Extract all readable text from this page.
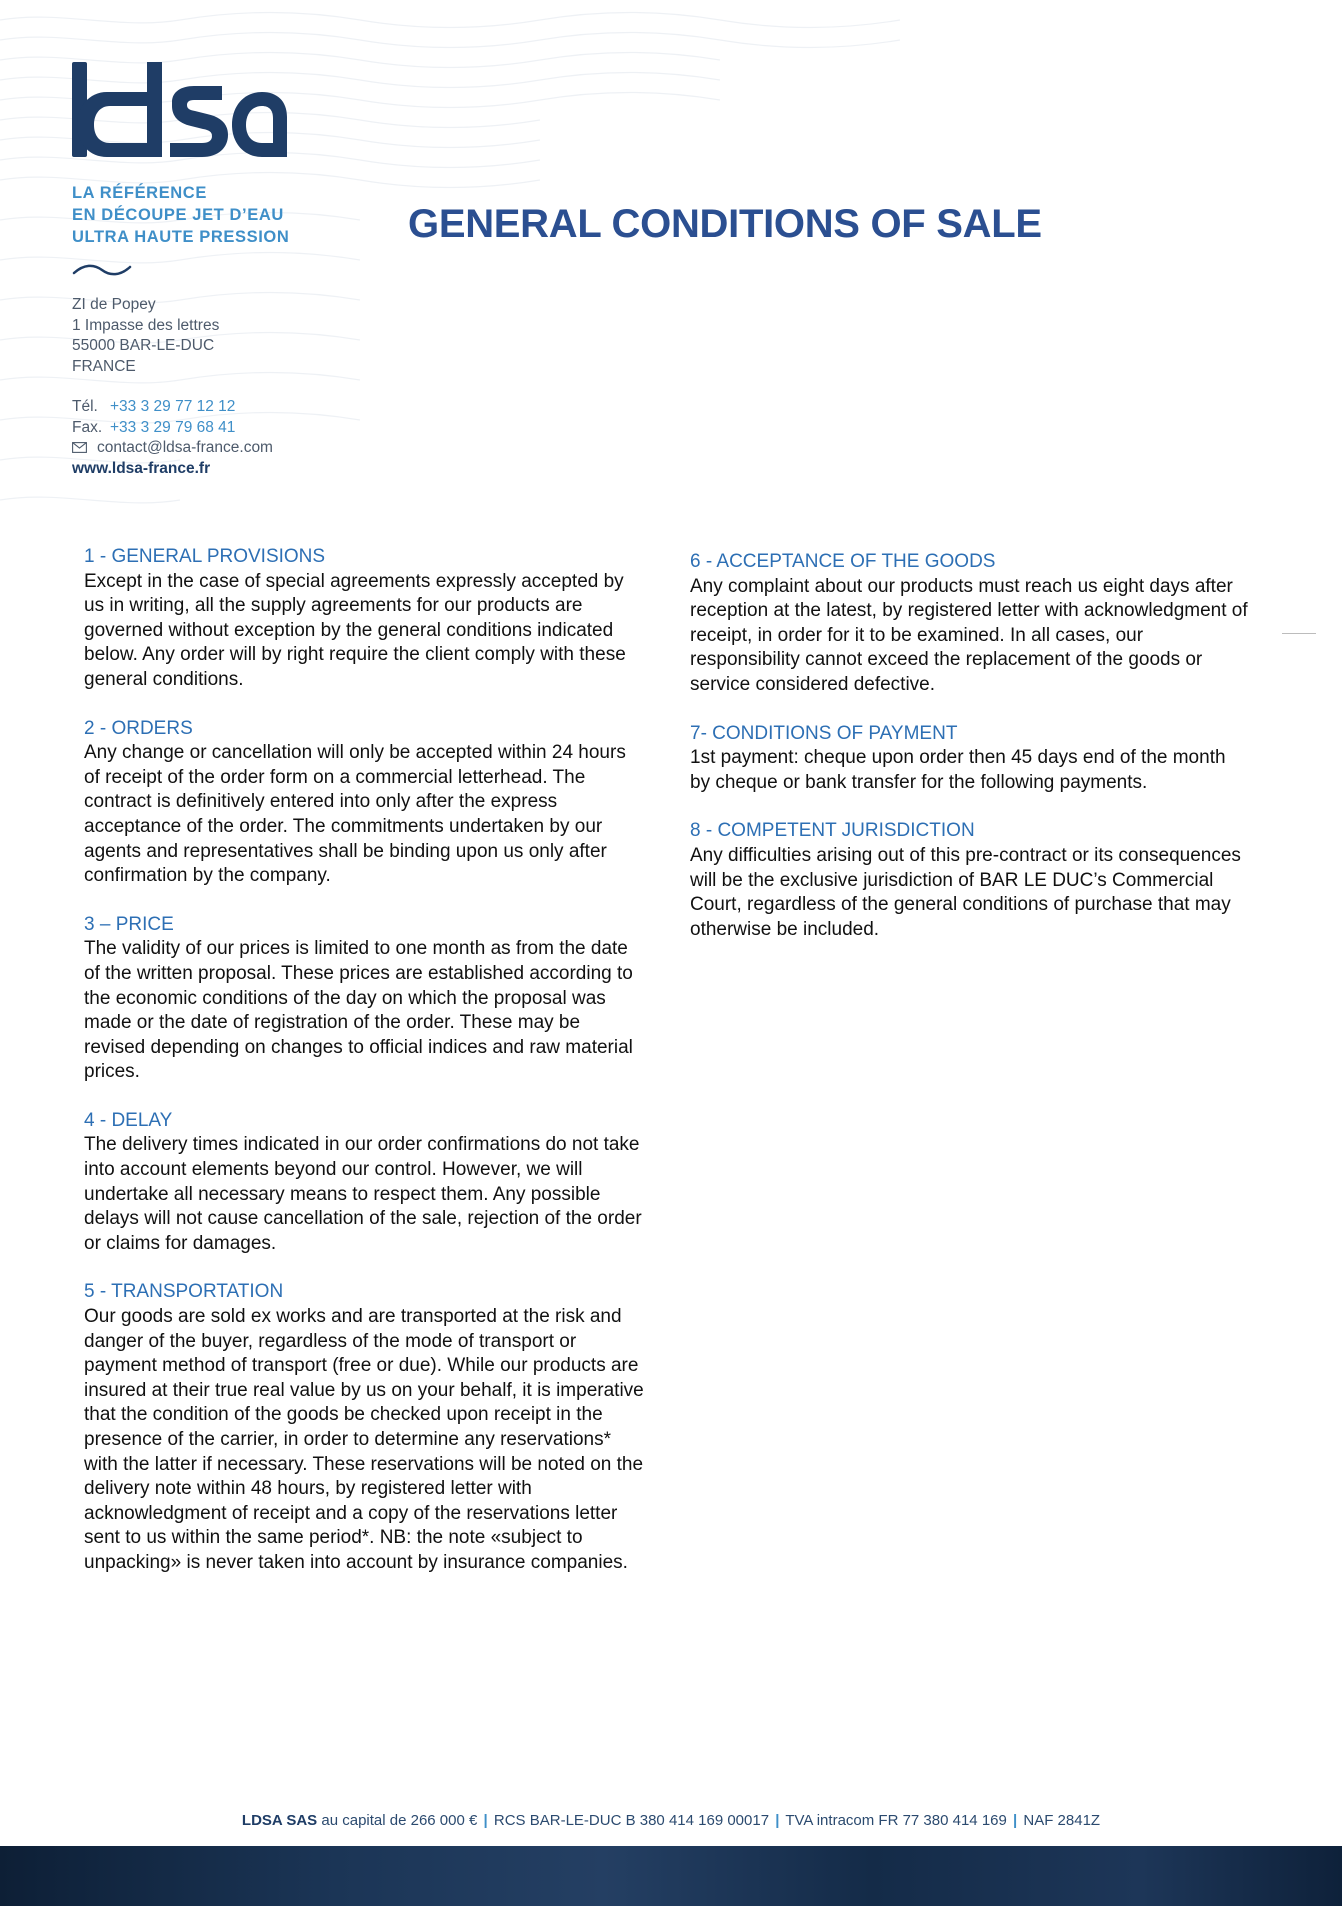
LA RÉFÉRENCE
EN DÉCOUPE JET D’EAU
ULTRA HAUTE PRESSION

ZI de Popey
1 Impasse des lettres
55000 BAR-LE-DUC
FRANCE
Tél. +33 3 29 77 12 12
Fax. +33 3 29 79 68 41
contact@ldsa-france.com
www.ldsa-france.fr
GENERAL CONDITIONS OF SALE
1 - GENERAL PROVISIONS

Except in the case of special agreements expressly accepted by us in writing, all the supply agreements for our products are governed without exception by the general conditions indicated below. Any order will by right require the client comply with these general conditions.

2 - ORDERS

Any change or cancellation will only be accepted within 24 hours of receipt of the order form on a commercial letterhead. The contract is definitively entered into only after the express acceptance of the order. The commitments undertaken by our agents and representatives shall be binding upon us only after confirmation by the company.

3 – PRICE

The validity of our prices is limited to one month as from the date of the written proposal. These prices are established according to the economic conditions of the day on which the proposal was made or the date of registration of the order. These may be revised depending on changes to official indices and raw material prices.

4 - DELAY

The delivery times indicated in our order confirmations do not take into account elements beyond our control. However, we will undertake all necessary means to respect them. Any possible delays will not cause cancellation of the sale, rejection of the order or claims for damages.

5 - TRANSPORTATION

Our goods are sold ex works and are transported at the risk and danger of the buyer, regardless of the mode of transport or payment method of transport (free or due). While our products are insured at their true real value by us on your behalf, it is imperative that the condition of the goods be checked upon receipt in the presence of the carrier, in order to determine any reservations* with the latter if necessary. These reservations will be noted on the delivery note within 48 hours, by registered letter with acknowledgment of receipt and a copy of the reservations letter sent to us within the same period*. NB: the note «subject to unpacking» is never taken into account by insurance companies.

6 - ACCEPTANCE OF THE GOODS

Any complaint about our products must reach us eight days after reception at the latest, by registered letter with acknowledgment of receipt, in order for it to be examined. In all cases, our responsibility cannot exceed the replacement of the goods or service considered defective.

7- CONDITIONS OF PAYMENT

1st payment: cheque upon order then 45 days end of the month by cheque or bank transfer for the following payments.

8 - COMPETENT JURISDICTION

Any difficulties arising out of this pre-contract or its consequences will be the exclusive jurisdiction of BAR LE DUC’s Commercial Court, regardless of the general conditions of purchase that may otherwise be included.

LDSA SAS au capital de 266 000 € | RCS BAR-LE-DUC B 380 414 169 00017 | TVA intracom FR 77 380 414 169 | NAF 2841Z
